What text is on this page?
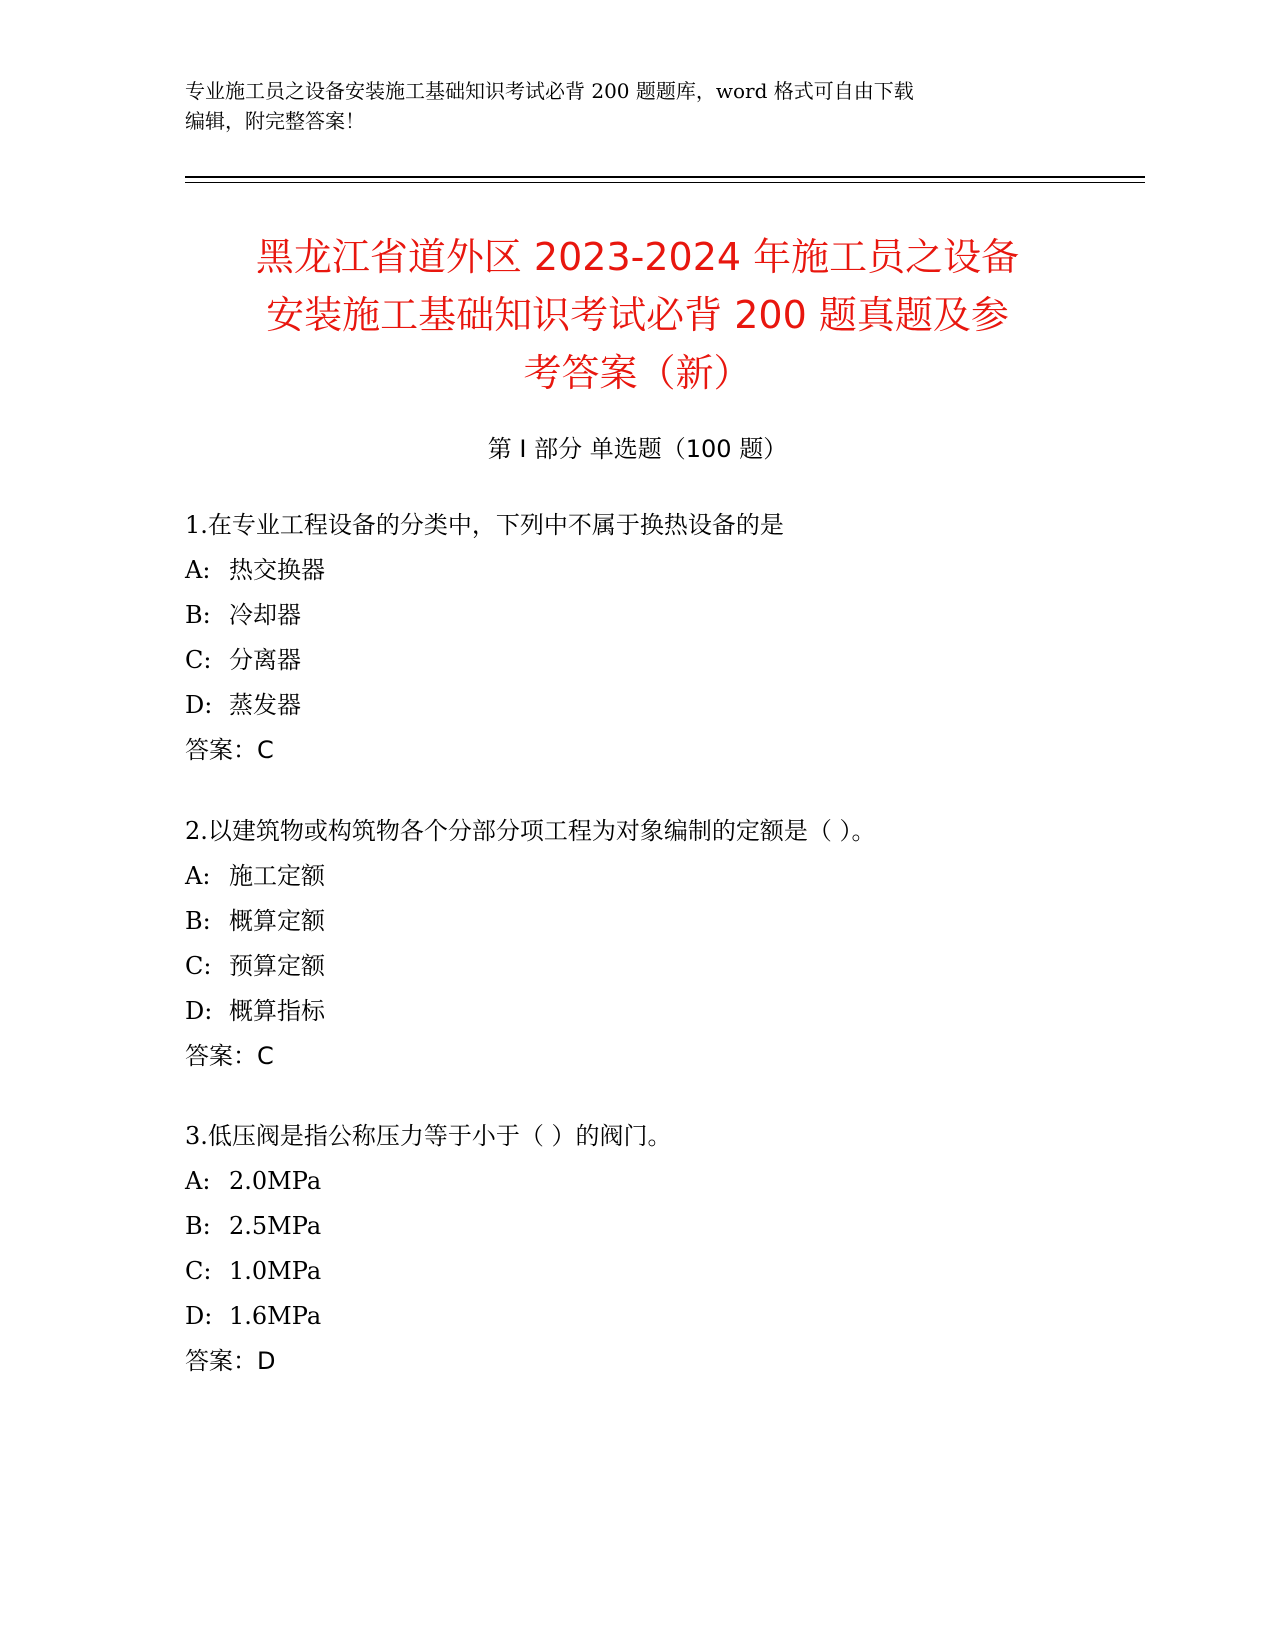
专业施工员之设备安装施工基础知识考试必背 200 题题库，word 格式可自由下载
编辑，附完整答案！
黑龙江省道外区 2023-2024 年施工员之设备
安装施工基础知识考试必背 200 题真题及参
考答案（新）
第 I 部分 单选题（100 题）
1.在专业工程设备的分类中，下列中不属于换热设备的是
A: 热交换器
B: 冷却器
C: 分离器
D: 蒸发器
答案：C
2.以建筑物或构筑物各个分部分项工程为对象编制的定额是（ ）。
A: 施工定额
B: 概算定额
C: 预算定额
D: 概算指标
答案：C
3.低压阀是指公称压力等于小于（ ）的阀门。
A: 2.0MPa
B: 2.5MPa
C: 1.0MPa
D: 1.6MPa
答案：D
